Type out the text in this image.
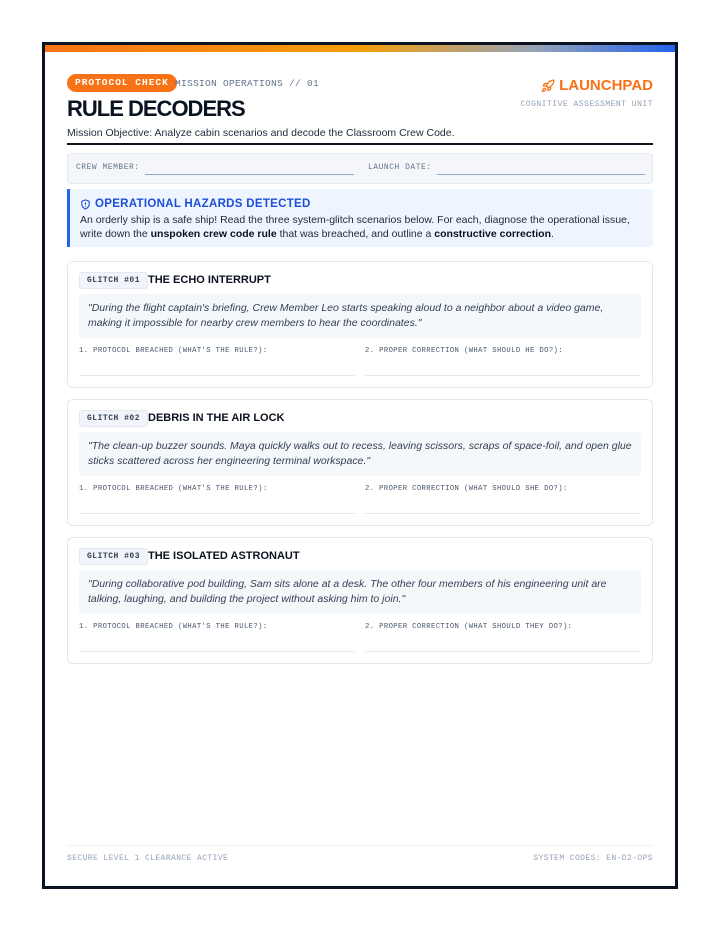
PROTOCOL CHECK MISSION OPERATIONS // 01
RULE DECODERS
Mission Objective: Analyze cabin scenarios and decode the Classroom Crew Code.
LAUNCHPAD
COGNITIVE ASSESSMENT UNIT
CREW MEMBER:	LAUNCH DATE:
OPERATIONAL HAZARDS DETECTED
An orderly ship is a safe ship! Read the three system-glitch scenarios below. For each, diagnose the operational issue, write down the unspoken crew code rule that was breached, and outline a constructive correction.
GLITCH #01 THE ECHO INTERRUPT
"During the flight captain's briefing, Crew Member Leo starts speaking aloud to a neighbor about a video game, making it impossible for nearby crew members to hear the coordinates."
1. PROTOCOL BREACHED (WHAT'S THE RULE?):	2. PROPER CORRECTION (WHAT SHOULD HE DO?):
GLITCH #02 DEBRIS IN THE AIR LOCK
"The clean-up buzzer sounds. Maya quickly walks out to recess, leaving scissors, scraps of space-foil, and open glue sticks scattered across her engineering terminal workspace."
1. PROTOCOL BREACHED (WHAT'S THE RULE?):	2. PROPER CORRECTION (WHAT SHOULD SHE DO?):
GLITCH #03 THE ISOLATED ASTRONAUT
"During collaborative pod building, Sam sits alone at a desk. The other four members of his engineering unit are talking, laughing, and building the project without asking him to join."
1. PROTOCOL BREACHED (WHAT'S THE RULE?):	2. PROPER CORRECTION (WHAT SHOULD THEY DO?):
SECURE LEVEL 1 CLEARANCE ACTIVE	SYSTEM CODES: EN-D2-OPS
